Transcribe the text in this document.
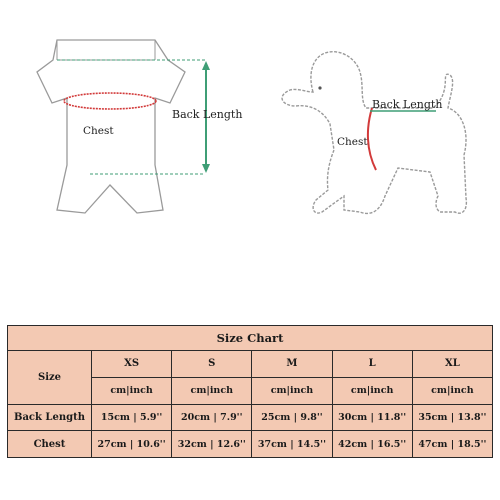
Chest
Back Length
Back Length
Chest
Size Chart					
Size	XS	S	M	L	XL
	cm|inch	cm|inch	cm|inch	cm|inch	cm|inch
Back Length	15cm | 5.9''	20cm | 7.9''	25cm | 9.8''	30cm | 11.8''	35cm | 13.8''
Chest	27cm | 10.6''	32cm | 12.6''	37cm | 14.5''	42cm | 16.5''	47cm | 18.5''
